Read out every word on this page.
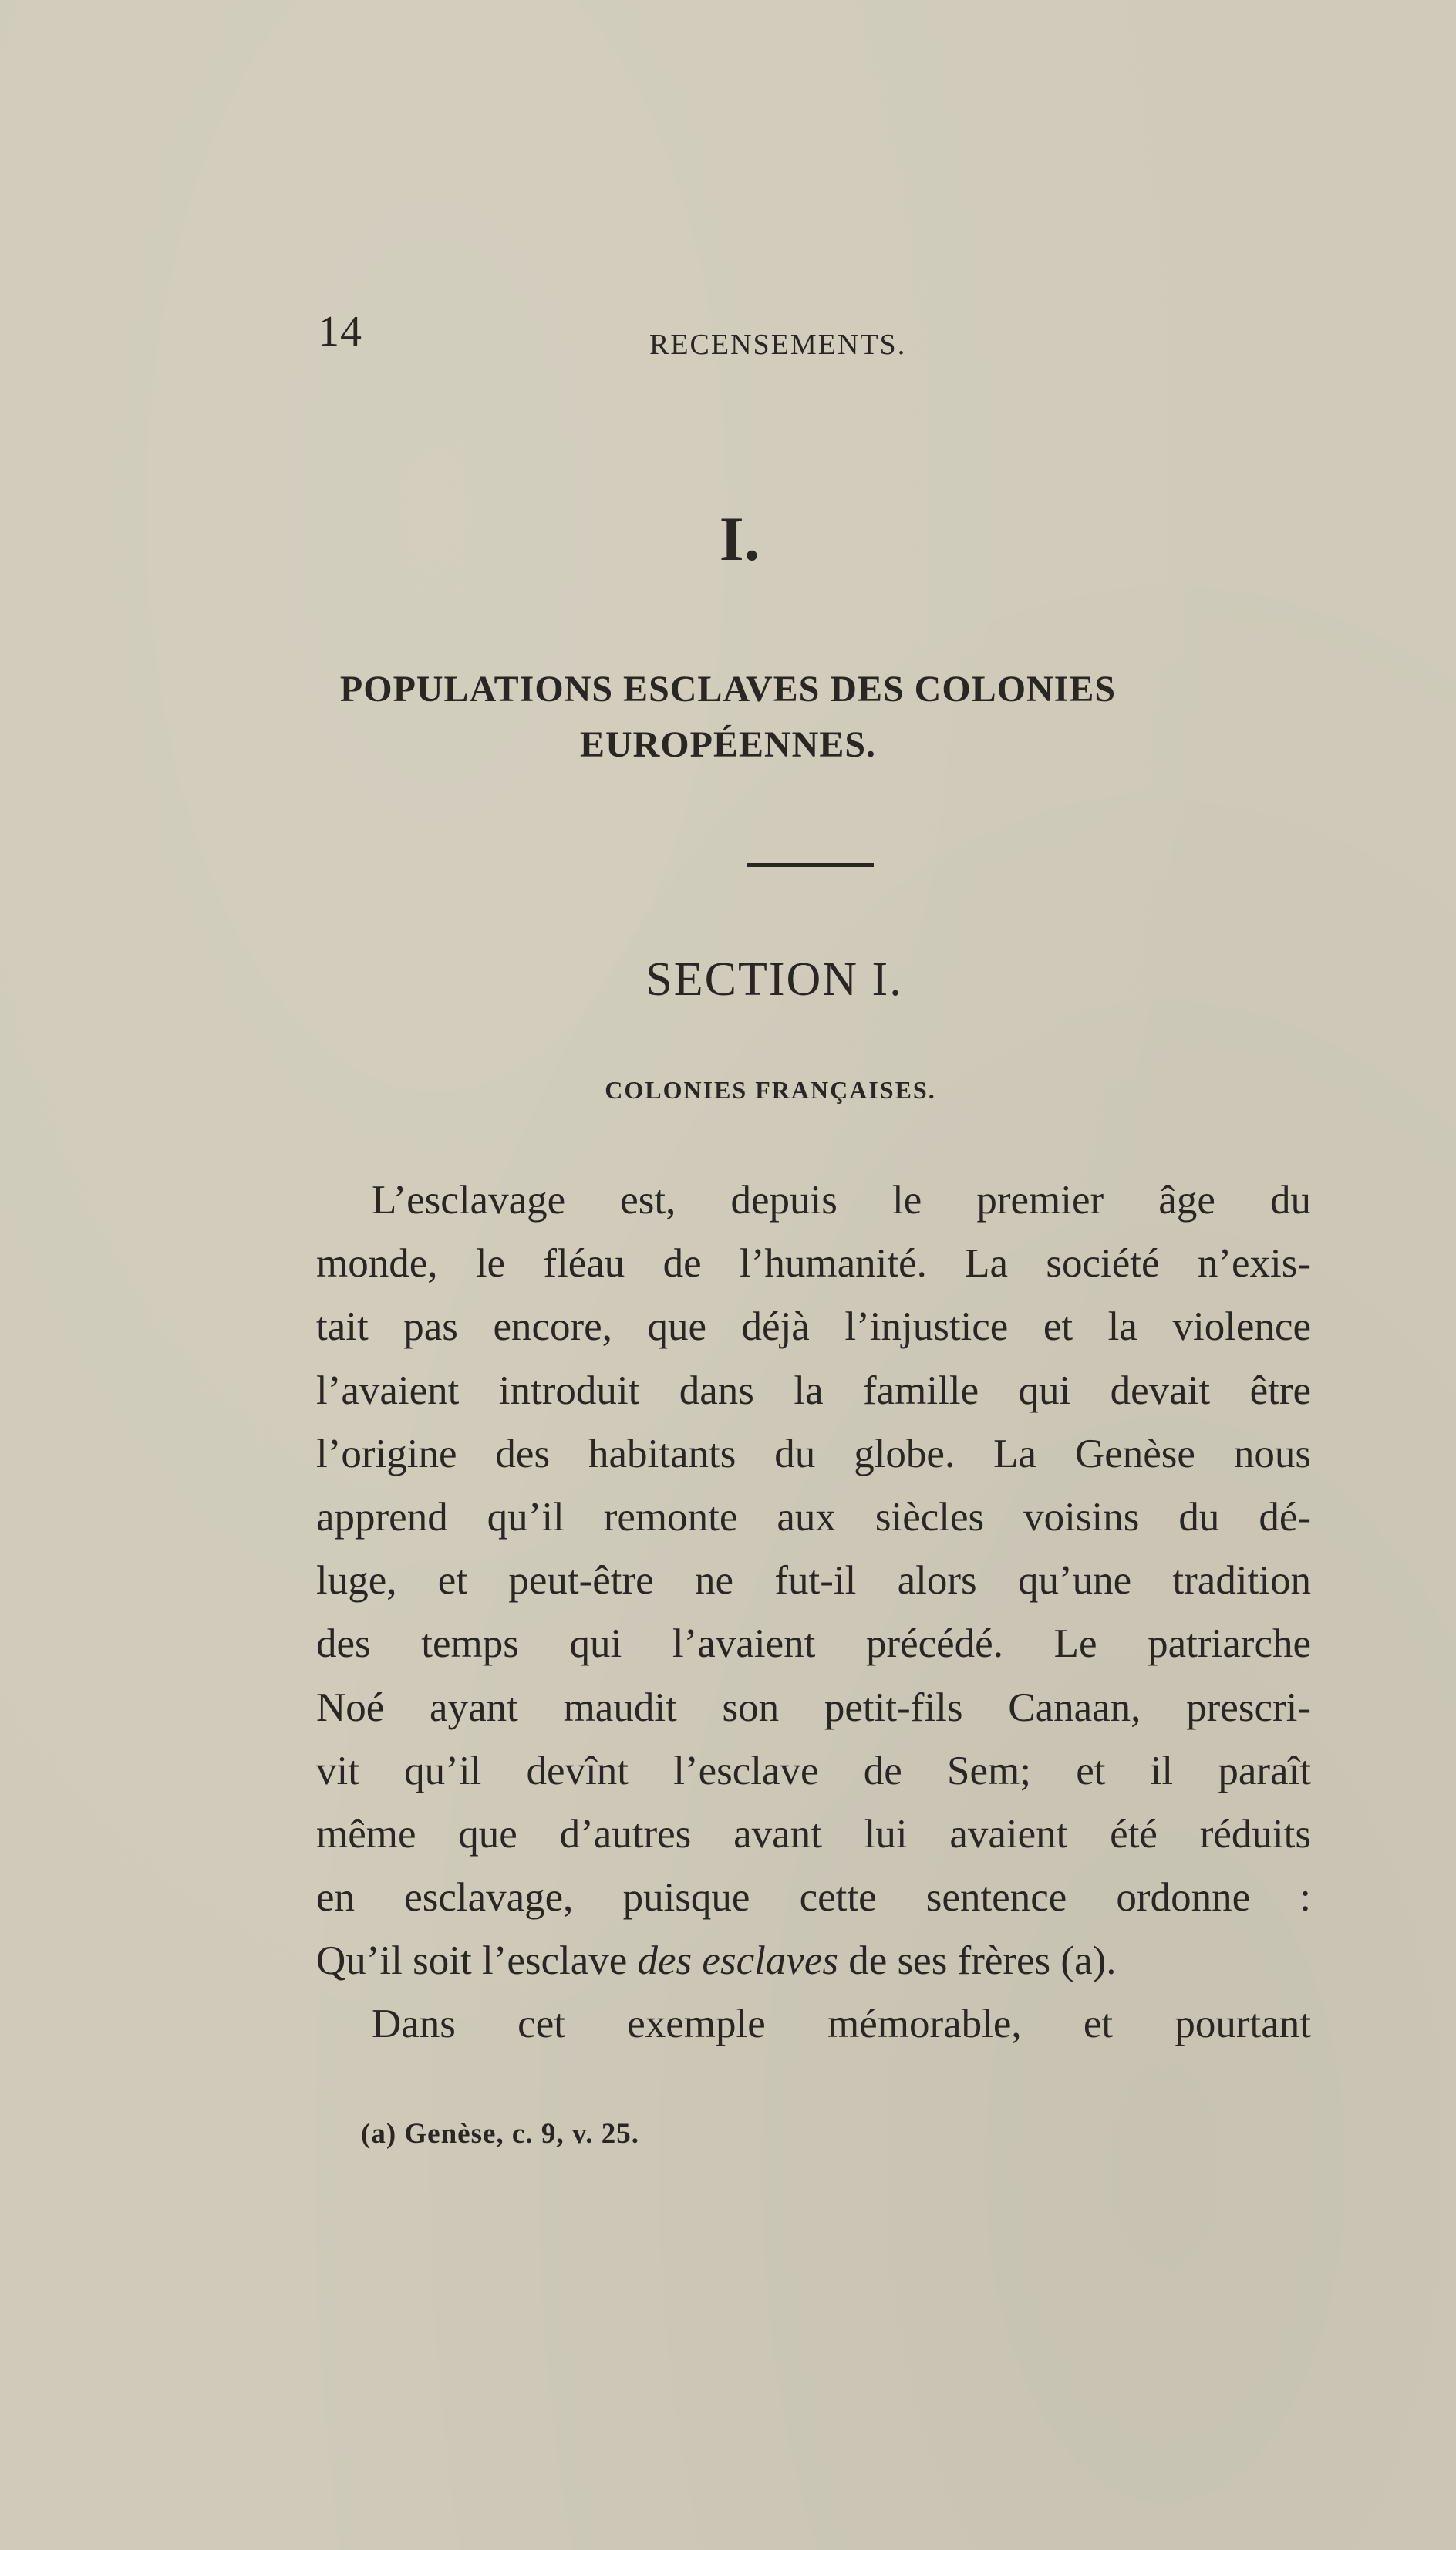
14	RECENSEMENTS.
I.
POPULATIONS ESCLAVES DES COLONIES
EUROPÉENNES.
SECTION I.
COLONIES FRANÇAISES.
L’esclavage est, depuis le premier âge du
monde, le fléau de l’humanité. La société n’exis-
tait pas encore, que déjà l’injustice et la violence
l’avaient introduit dans la famille qui devait être
l’origine des habitants du globe. La Genèse nous
apprend qu’il remonte aux siècles voisins du dé-
luge, et peut-être ne fut-il alors qu’une tradition
des temps qui l’avaient précédé. Le patriarche
Noé ayant maudit son petit-fils Canaan, prescri-
vit qu’il devînt l’esclave de Sem; et il paraît
même que d’autres avant lui avaient été réduits
en esclavage, puisque cette sentence ordonne :
Qu’il soit l’esclave des esclaves de ses frères (a).
Dans cet exemple mémorable, et pourtant
(a) Genèse, c. 9, v. 25.
